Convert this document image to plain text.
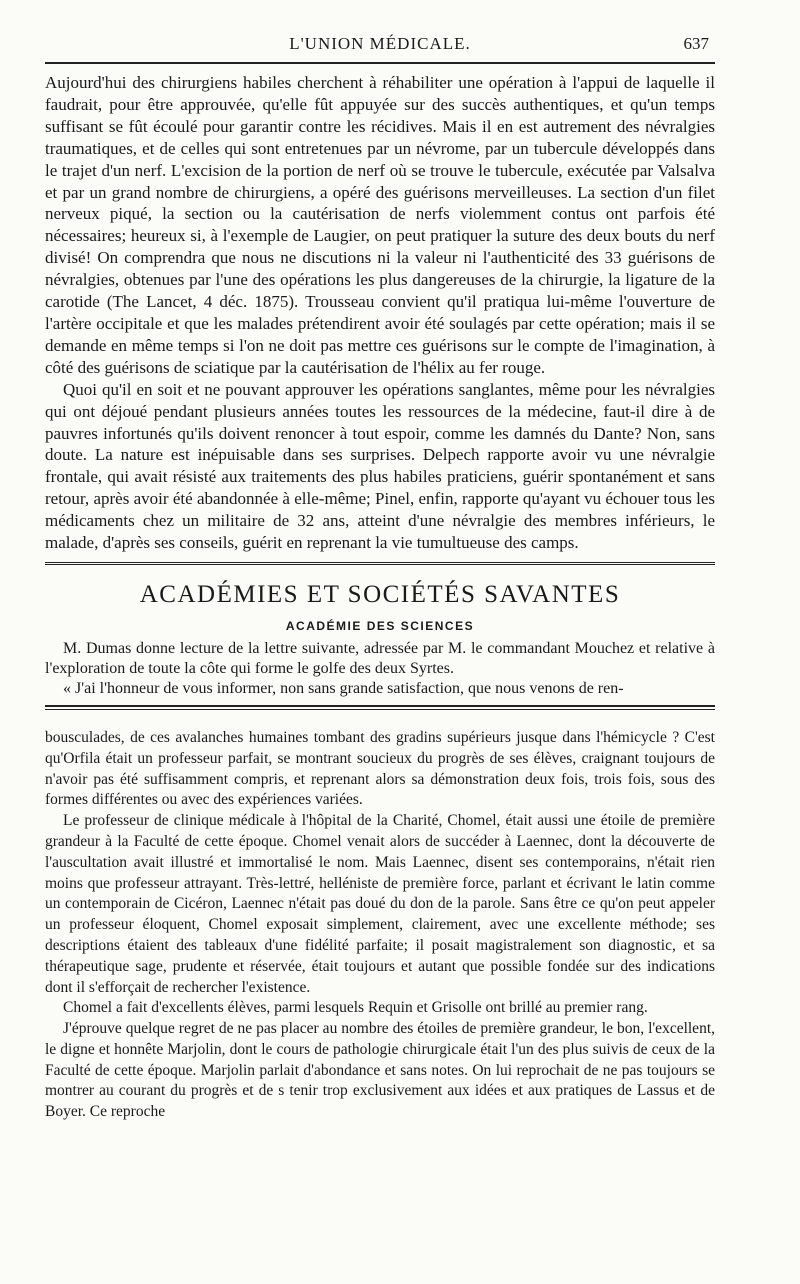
L'UNION MÉDICALE.	637

Aujourd'hui des chirurgiens habiles cherchent à réhabiliter une opération à l'appui de laquelle il faudrait, pour être approuvée, qu'elle fût appuyée sur des succès authentiques, et qu'un temps suffisant se fût écoulé pour garantir contre les récidives. Mais il en est autrement des névralgies traumatiques, et de celles qui sont entretenues par un névrome, par un tubercule développés dans le trajet d'un nerf. L'excision de la portion de nerf où se trouve le tubercule, exécutée par Valsalva et par un grand nombre de chirurgiens, a opéré des guérisons merveilleuses. La section d'un filet nerveux piqué, la section ou la cautérisation de nerfs violemment contus ont parfois été nécessaires; heureux si, à l'exemple de Laugier, on peut pratiquer la suture des deux bouts du nerf divisé! On comprendra que nous ne discutions ni la valeur ni l'authenticité des 33 guérisons de névralgies, obtenues par l'une des opérations les plus dangereuses de la chirurgie, la ligature de la carotide (The Lancet, 4 déc. 1875). Trousseau convient qu'il pratiqua lui-même l'ouverture de l'artère occipitale et que les malades prétendirent avoir été soulagés par cette opération; mais il se demande en même temps si l'on ne doit pas mettre ces guérisons sur le compte de l'imagination, à côté des guérisons de sciatique par la cautérisation de l'hélix au fer rouge.

Quoi qu'il en soit et ne pouvant approuver les opérations sanglantes, même pour les névralgies qui ont déjoué pendant plusieurs années toutes les ressources de la médecine, faut-il dire à de pauvres infortunés qu'ils doivent renoncer à tout espoir, comme les damnés du Dante? Non, sans doute. La nature est inépuisable dans ses surprises. Delpech rapporte avoir vu une névralgie frontale, qui avait résisté aux traitements des plus habiles praticiens, guérir spontanément et sans retour, après avoir été abandonnée à elle-même; Pinel, enfin, rapporte qu'ayant vu échouer tous les médicaments chez un militaire de 32 ans, atteint d'une névralgie des membres inférieurs, le malade, d'après ses conseils, guérit en reprenant la vie tumultueuse des camps.

ACADÉMIES ET SOCIÉTÉS SAVANTES
ACADÉMIE DES SCIENCES

M. Dumas donne lecture de la lettre suivante, adressée par M. le commandant Mouchez et relative à l'exploration de toute la côte qui forme le golfe des deux Syrtes.

« J'ai l'honneur de vous informer, non sans grande satisfaction, que nous venons de ren-

bousculades, de ces avalanches humaines tombant des gradins supérieurs jusque dans l'hémicycle ? C'est qu'Orfila était un professeur parfait, se montrant soucieux du progrès de ses élèves, craignant toujours de n'avoir pas été suffisamment compris, et reprenant alors sa démonstration deux fois, trois fois, sous des formes différentes ou avec des expériences variées.

Le professeur de clinique médicale à l'hôpital de la Charité, Chomel, était aussi une étoile de première grandeur à la Faculté de cette époque. Chomel venait alors de succéder à Laennec, dont la découverte de l'auscultation avait illustré et immortalisé le nom. Mais Laennec, disent ses contemporains, n'était rien moins que professeur attrayant. Très-lettré, helléniste de première force, parlant et écrivant le latin comme un contemporain de Cicéron, Laennec n'était pas doué du don de la parole. Sans être ce qu'on peut appeler un professeur éloquent, Chomel exposait simplement, clairement, avec une excellente méthode; ses descriptions étaient des tableaux d'une fidélité parfaite; il posait magistralement son diagnostic, et sa thérapeutique sage, prudente et réservée, était toujours et autant que possible fondée sur des indications dont il s'efforçait de rechercher l'existence.

Chomel a fait d'excellents élèves, parmi lesquels Requin et Grisolle ont brillé au premier rang.

J'éprouve quelque regret de ne pas placer au nombre des étoiles de première grandeur, le bon, l'excellent, le digne et honnête Marjolin, dont le cours de pathologie chirurgicale était l'un des plus suivis de ceux de la Faculté de cette époque. Marjolin parlait d'abondance et sans notes. On lui reprochait de ne pas toujours se montrer au courant du progrès et de s tenir trop exclusivement aux idées et aux pratiques de Lassus et de Boyer. Ce reproche
